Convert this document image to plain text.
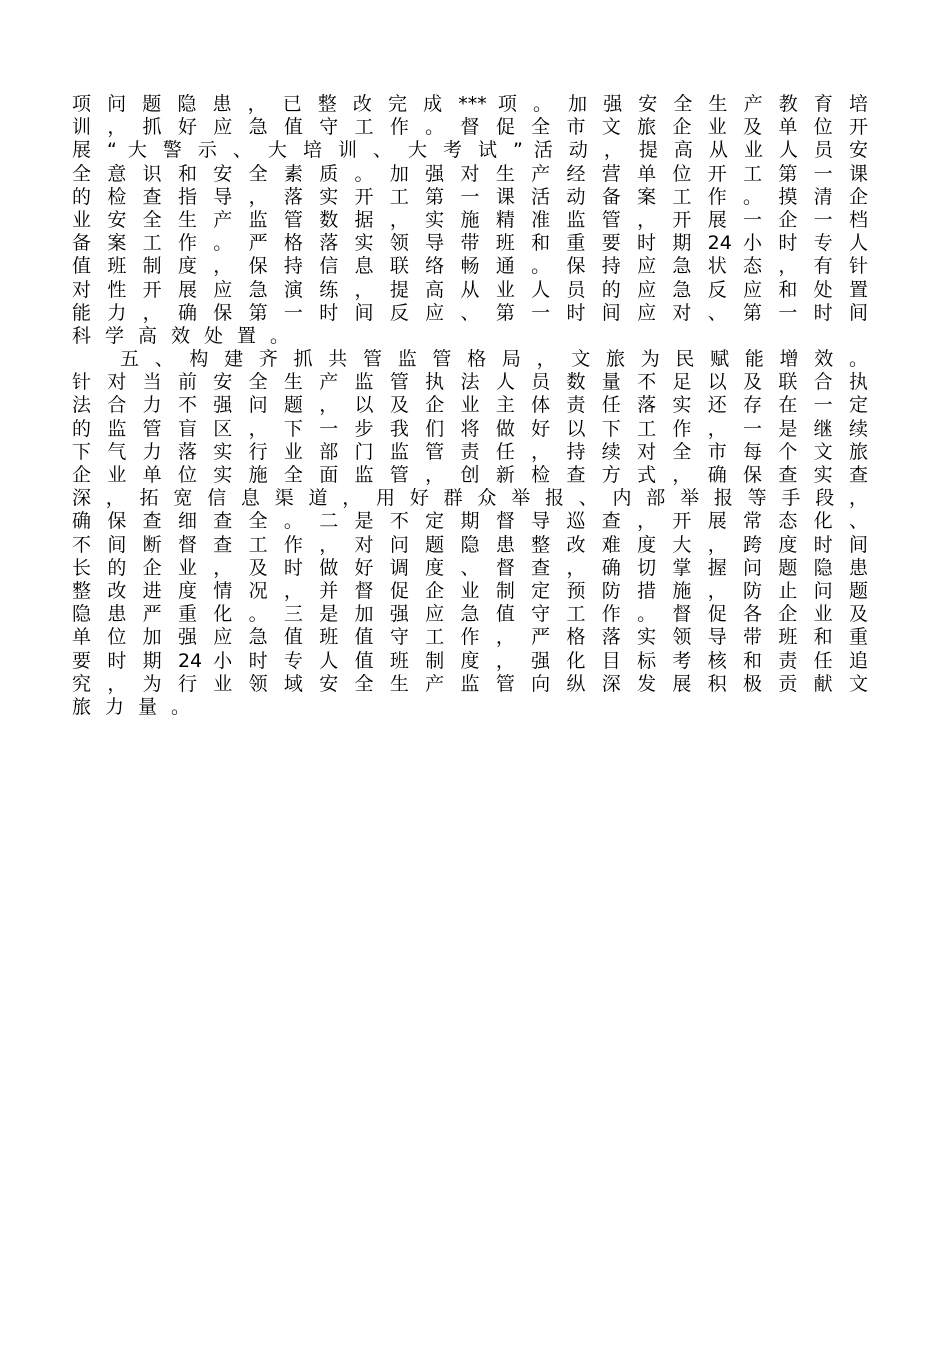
项 问 题 隐 患 ， 已 整 改 完 成 *** 项 。 加 强 安 全 生 产 教 育 培
训 ， 抓 好 应 急 值 守 工 作 。 督 促 全 市 文 旅 企 业 及 单 位 开
展 “ 大 警 示 、 大 培 训 、 大 考 试 ” 活 动 ， 提 高 从 业 人 员 安
全 意 识 和 安 全 素 质 。 加 强 对 生 产 经 营 单 位 开 工 第 一 课
的 检 查 指 导 ， 落 实 开 工 第 一 课 活 动 备 案 工 作 。 摸 清 企
业 安 全 生 产 监 管 数 据 ， 实 施 精 准 监 管 ， 开 展 一 企 一 档
备 案 工 作 。 严 格 落 实 领 导 带 班 和 重 要 时 期 24 小 时 专 人
值 班 制 度 ， 保 持 信 息 联 络 畅 通 。 保 持 应 急 状 态 ， 有 针
对 性 开 展 应 急 演 练 ， 提 高 从 业 人 员 的 应 急 反 应 和 处 置
能 力 ， 确 保 第 一 时 间 反 应 、 第 一 时 间 应 对 、 第 一 时 间
科学高效处置。
五 、 构 建 齐 抓 共 管 监 管 格 局 ， 文 旅 为 民 赋 能 增 效 。
针 对 当 前 安 全 生 产 监 管 执 法 人 员 数 量 不 足 以 及 联 合 执
法 合 力 不 强 问 题 ， 以 及 企 业 主 体 责 任 落 实 还 存 在 一 定
的 监 管 盲 区 ， 下 一 步 我 们 将 做 好 以 下 工 作 ， 一 是 继 续
下 气 力 落 实 行 业 部 门 监 管 责 任 ， 持 续 对 全 市 每 个 文 旅
企 业 单 位 实 施 全 面 监 管 ， 创 新 检 查 方 式 ， 确 保 查 实 查
深 ， 拓 宽 信 息 渠 道 ， 用 好 群 众 举 报 、 内 部 举 报 等 手 段 ，
确 保 查 细 查 全 。 二 是 不 定 期 督 导 巡 查 ， 开 展 常 态 化 、
不 间 断 督 查 工 作 ， 对 问 题 隐 患 整 改 难 度 大 ， 跨 度 时 间
长 的 企 业 ， 及 时 做 好 调 度 、 督 查 ， 确 切 掌 握 问 题 隐 患
整 改 进 度 情 况 ， 并 督 促 企 业 制 定 预 防 措 施 ， 防 止 问 题
隐 患 严 重 化 。 三 是 加 强 应 急 值 守 工 作 。 督 促 各 企 业 及
单 位 加 强 应 急 值 班 值 守 工 作 ， 严 格 落 实 领 导 带 班 和 重
要 时 期 24 小 时 专 人 值 班 制 度 ， 强 化 目 标 考 核 和 责 任 追
究 ， 为 行 业 领 域 安 全 生 产 监 管 向 纵 深 发 展 积 极 贡 献 文
旅力量。
